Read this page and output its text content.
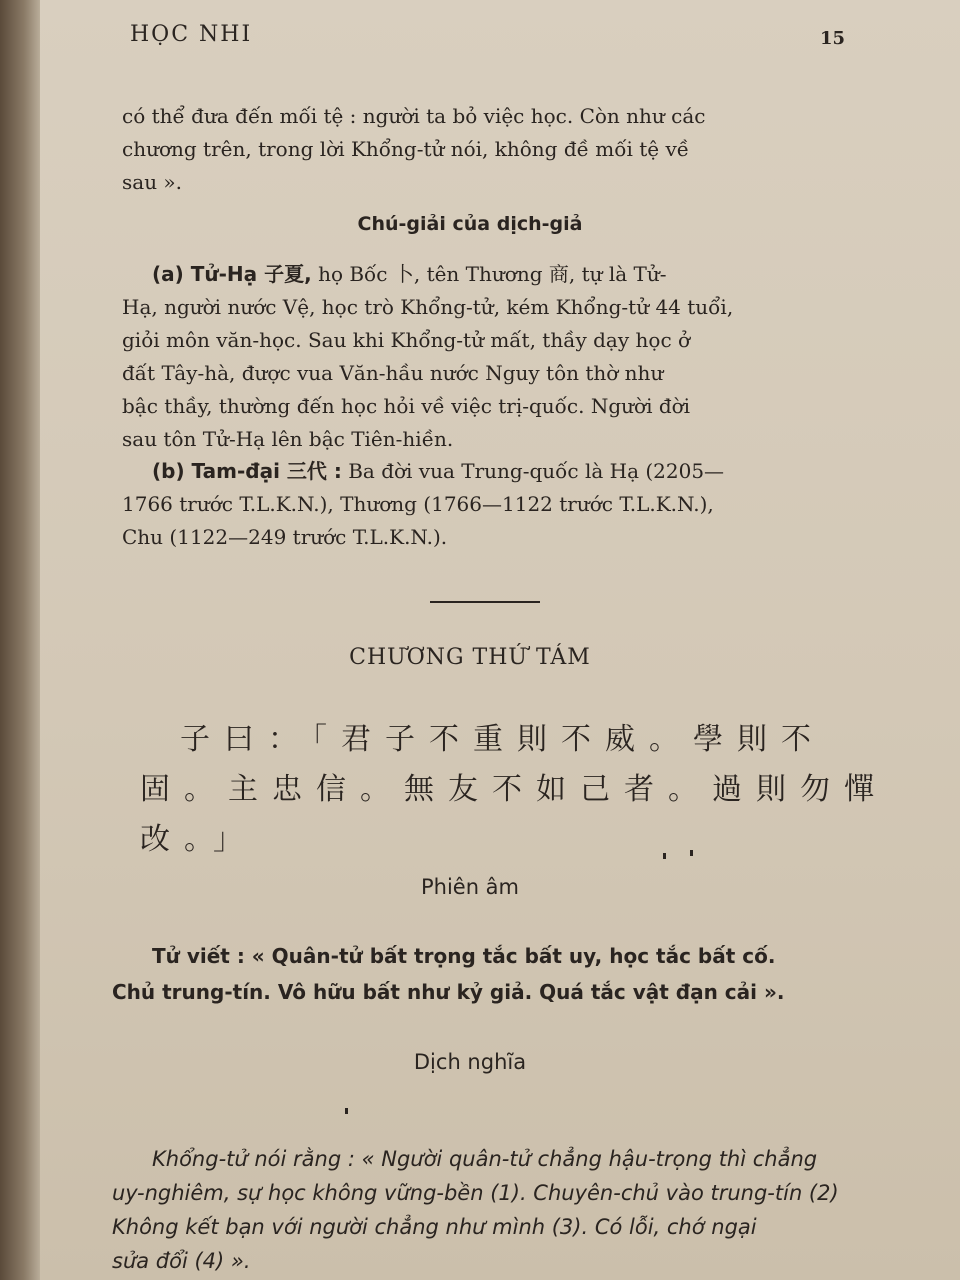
HỌC NHI	15
có thể đưa đến mối tệ : người ta bỏ việc học. Còn như các
chương trên, trong lời Khổng-tử nói, không đề mối tệ về
sau ».
Chú-giải của dịch-giả
(a) Tử-Hạ 子夏, họ Bốc 卜, tên Thương 商, tự là Tử-
Hạ, người nước Vệ, học trò Khổng-tử, kém Khổng-tử 44 tuổi,
giỏi môn văn-học. Sau khi Khổng-tử mất, thầy dạy học ở
đất Tây-hà, được vua Văn-hầu nước Nguy tôn thờ như
bậc thầy, thường đến học hỏi về việc trị-quốc. Người đời
sau tôn Tử-Hạ lên bậc Tiên-hiền.
(b) Tam-đại 三代 : Ba đời vua Trung-quốc là Hạ (2205—
1766 trước T.L.K.N.), Thương (1766—1122 trước T.L.K.N.),
Chu (1122—249 trước T.L.K.N.).
CHƯƠNG THỨ TÁM
子曰：「君子不重則不威。學則不
固。主忠信。無友不如己者。過則勿憚
改。」
Phiên âm
Tử viết : « Quân-tử bất trọng tắc bất uy, học tắc bất cố.
Chủ trung-tín. Vô hữu bất như kỷ giả. Quá tắc vật đạn cải ».
Dịch nghĩa
Khổng-tử nói rằng : « Người quân-tử chẳng hậu-trọng thì chẳng
uy-nghiêm, sự học không vững-bền (1). Chuyên-chủ vào trung-tín (2)
Không kết bạn với người chẳng như mình (3). Có lỗi, chớ ngại
sửa đổi (4) ».
